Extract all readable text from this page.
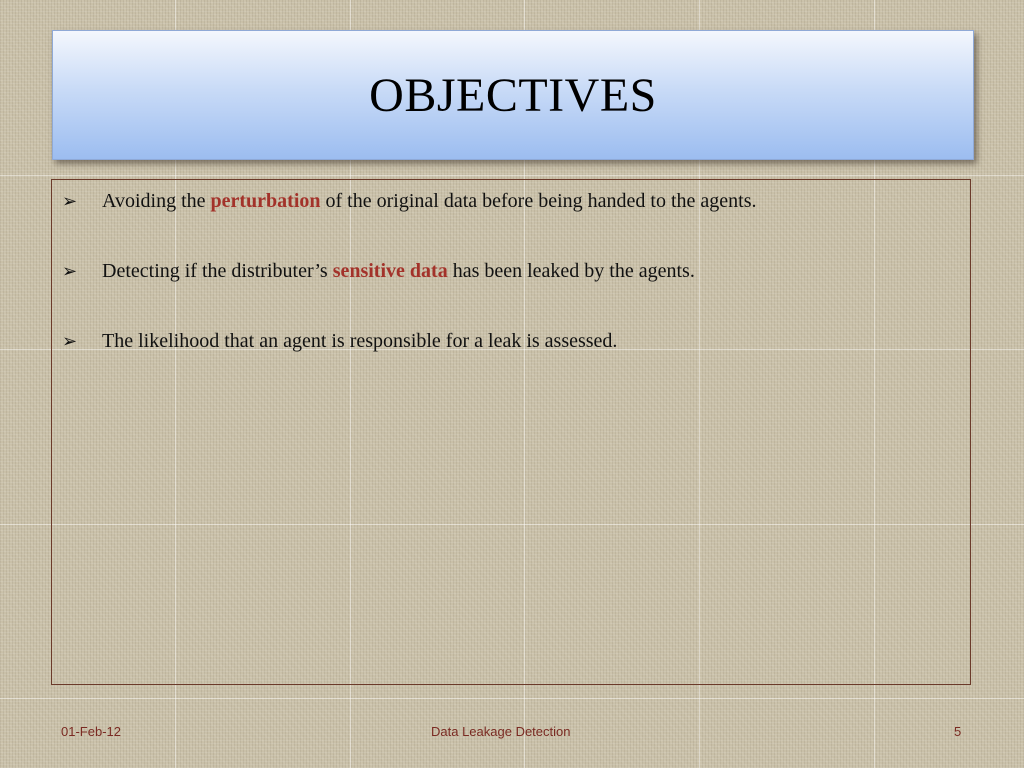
OBJECTIVES
➢	Avoiding the perturbation of the original data before being handed to the agents.
➢	Detecting if the distributer’s sensitive data has been leaked by the agents.
➢	The likelihood that an agent is responsible for a leak is assessed.
01-Feb-12	Data Leakage Detection	5
